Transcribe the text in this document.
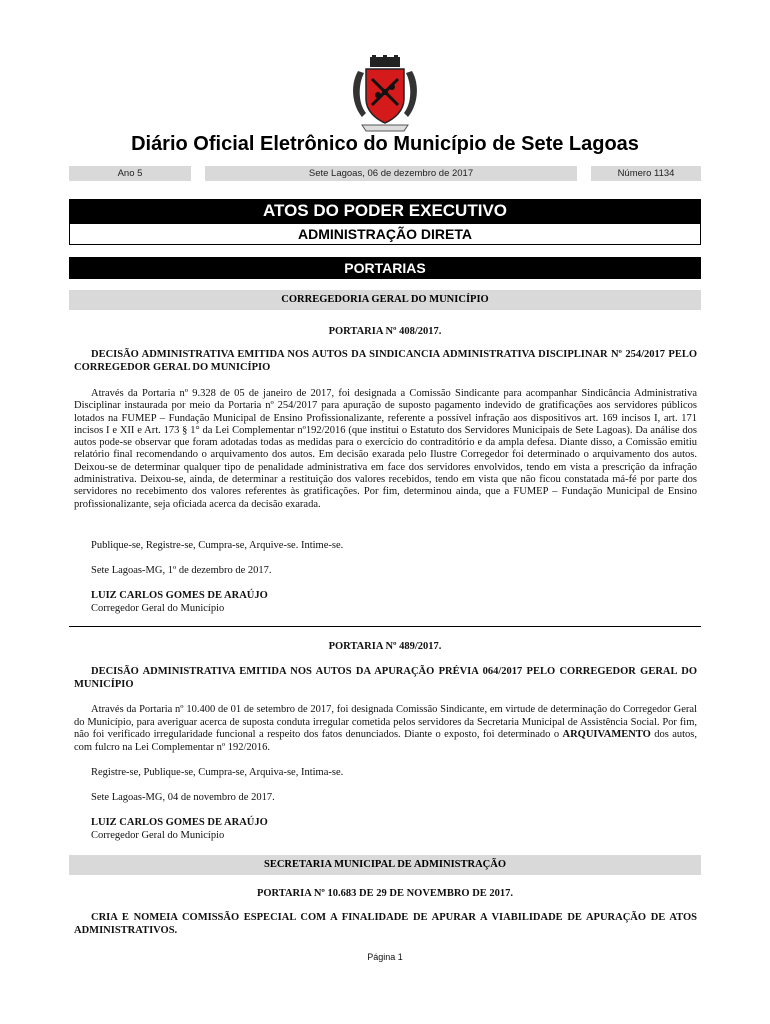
Diário Oficial Eletrônico do Município de Sete Lagoas
Ano 5	Sete Lagoas, 06 de dezembro de 2017	Número 1134
ATOS DO PODER EXECUTIVO
ADMINISTRAÇÃO DIRETA
PORTARIAS
CORREGEDORIA GERAL DO MUNICÍPIO
PORTARIA Nº 408/2017.
DECISÃO ADMINISTRATIVA EMITIDA NOS AUTOS DA SINDICANCIA ADMINISTRATIVA DISCIPLINAR Nº 254/2017 PELO CORREGEDOR GERAL DO MUNICÍPIO
Através da Portaria nº 9.328 de 05 de janeiro de 2017, foi designada a Comissão Sindicante para acompanhar Sindicância Administrativa Disciplinar instaurada por meio da Portaria nº 254/2017 para apuração de suposto pagamento indevido de gratificações aos servidores públicos lotados na FUMEP – Fundação Municipal de Ensino Profissionalizante, referente a possível infração aos dispositivos art. 169 incisos I, art. 171 incisos I e XII e Art. 173 § 1° da Lei Complementar nº192/2016 (que institui o Estatuto dos Servidores Municipais de Sete Lagoas). Da análise dos autos pode-se observar que foram adotadas todas as medidas para o exercício do contraditório e da ampla defesa. Diante disso, a Comissão emitiu relatório final recomendando o arquivamento dos autos. Em decisão exarada pelo Ilustre Corregedor foi determinado o arquivamento dos autos. Deixou-se de determinar qualquer tipo de penalidade administrativa em face dos servidores envolvidos, tendo em vista a prescrição da infração administrativa. Deixou-se, ainda, de determinar a restituição dos valores recebidos, tendo em vista que não ficou constatada má-fé por parte dos servidores no recebimento dos valores referentes às gratificações. Por fim, determinou ainda, que a FUMEP – Fundação Municipal de Ensino profissionalizante, seja oficiada acerca da decisão exarada.
Publique-se, Registre-se, Cumpra-se, Arquive-se. Intime-se.
Sete Lagoas-MG, 1º de dezembro de 2017.
LUIZ CARLOS GOMES DE ARAÚJO
Corregedor Geral do Município
PORTARIA Nº 489/2017.
DECISÃO ADMINISTRATIVA EMITIDA NOS AUTOS DA APURAÇÃO PRÉVIA 064/2017 PELO CORREGEDOR GERAL DO MUNICÍPIO
Através da Portaria nº 10.400 de 01 de setembro de 2017, foi designada Comissão Sindicante, em virtude de determinação do Corregedor Geral do Município, para averiguar acerca de suposta conduta irregular cometida pelos servidores da Secretaria Municipal de Assistência Social. Por fim, não foi verificado irregularidade funcional a respeito dos fatos denunciados. Diante o exposto, foi determinado o ARQUIVAMENTO dos autos, com fulcro na Lei Complementar nº 192/2016.
Registre-se, Publique-se, Cumpra-se, Arquiva-se, Intima-se.
Sete Lagoas-MG, 04 de novembro de 2017.
LUIZ CARLOS GOMES DE ARAÚJO
Corregedor Geral do Município
SECRETARIA MUNICIPAL DE ADMINISTRAÇÃO
PORTARIA Nº 10.683 DE 29 DE NOVEMBRO DE 2017.
CRIA E NOMEIA COMISSÃO ESPECIAL COM A FINALIDADE DE APURAR A VIABILIDADE DE APURAÇÃO DE ATOS ADMINISTRATIVOS.
Página 1
